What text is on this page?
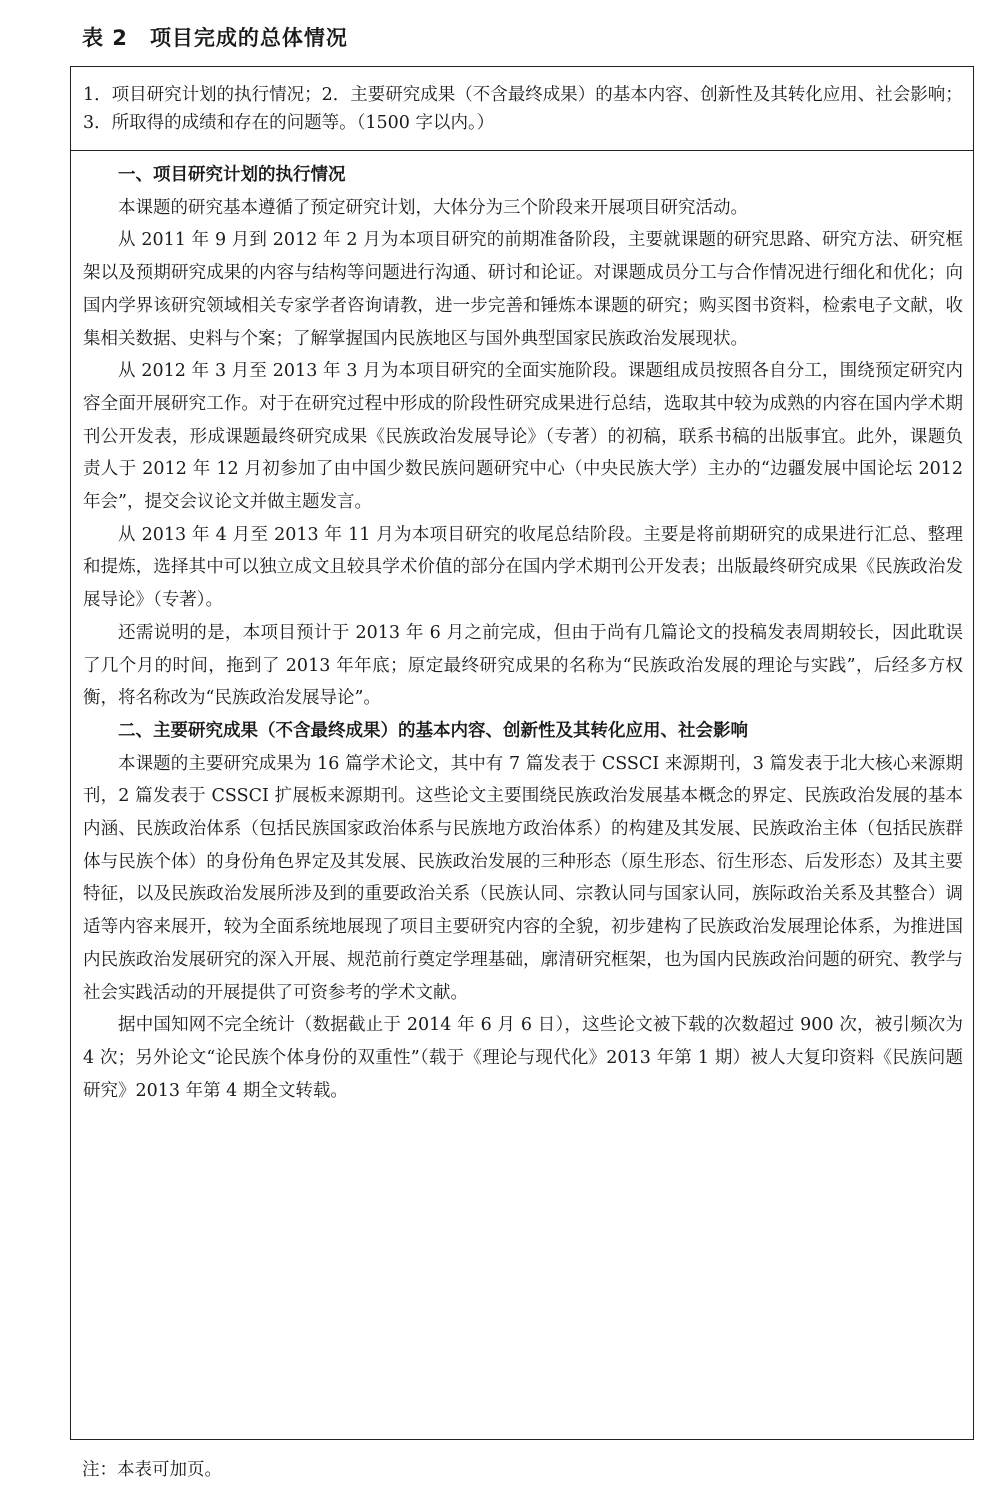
表 2 项目完成的总体情况
1．项目研究计划的执行情况；2．主要研究成果（不含最终成果）的基本内容、创新性及其转化应用、社会影响；3．所取得的成绩和存在的问题等。（1500 字以内。）
一、项目研究计划的执行情况

本课题的研究基本遵循了预定研究计划，大体分为三个阶段来开展项目研究活动。

从 2011 年 9 月到 2012 年 2 月为本项目研究的前期准备阶段，主要就课题的研究思路、研究方法、研究框架以及预期研究成果的内容与结构等问题进行沟通、研讨和论证。对课题成员分工与合作情况进行细化和优化；向国内学界该研究领域相关专家学者咨询请教，进一步完善和锤炼本课题的研究；购买图书资料，检索电子文献，收集相关数据、史料与个案；了解掌握国内民族地区与国外典型国家民族政治发展现状。

从 2012 年 3 月至 2013 年 3 月为本项目研究的全面实施阶段。课题组成员按照各自分工，围绕预定研究内容全面开展研究工作。对于在研究过程中形成的阶段性研究成果进行总结，选取其中较为成熟的内容在国内学术期刊公开发表，形成课题最终研究成果《民族政治发展导论》（专著）的初稿，联系书稿的出版事宜。此外，课题负责人于 2012 年 12 月初参加了由中国少数民族问题研究中心（中央民族大学）主办的“边疆发展中国论坛 2012 年会”，提交会议论文并做主题发言。

从 2013 年 4 月至 2013 年 11 月为本项目研究的收尾总结阶段。主要是将前期研究的成果进行汇总、整理和提炼，选择其中可以独立成文且较具学术价值的部分在国内学术期刊公开发表；出版最终研究成果《民族政治发展导论》（专著）。

还需说明的是，本项目预计于 2013 年 6 月之前完成，但由于尚有几篇论文的投稿发表周期较长，因此耽误了几个月的时间，拖到了 2013 年年底；原定最终研究成果的名称为“民族政治发展的理论与实践”，后经多方权衡，将名称改为“民族政治发展导论”。

二、主要研究成果（不含最终成果）的基本内容、创新性及其转化应用、社会影响

本课题的主要研究成果为 16 篇学术论文，其中有 7 篇发表于 CSSCI 来源期刊，3 篇发表于北大核心来源期刊，2 篇发表于 CSSCI 扩展板来源期刊。这些论文主要围绕民族政治发展基本概念的界定、民族政治发展的基本内涵、民族政治体系（包括民族国家政治体系与民族地方政治体系）的构建及其发展、民族政治主体（包括民族群体与民族个体）的身份角色界定及其发展、民族政治发展的三种形态（原生形态、衍生形态、后发形态）及其主要特征，以及民族政治发展所涉及到的重要政治关系（民族认同、宗教认同与国家认同，族际政治关系及其整合）调适等内容来展开，较为全面系统地展现了项目主要研究内容的全貌，初步建构了民族政治发展理论体系，为推进国内民族政治发展研究的深入开展、规范前行奠定学理基础，廓清研究框架，也为国内民族政治问题的研究、教学与社会实践活动的开展提供了可资参考的学术文献。

据中国知网不完全统计（数据截止于 2014 年 6 月 6 日），这些论文被下载的次数超过 900 次，被引频次为 4 次；另外论文“论民族个体身份的双重性”（载于《理论与现代化》2013 年第 1 期）被人大复印资料《民族问题研究》2013 年第 4 期全文转载。

注：本表可加页。
